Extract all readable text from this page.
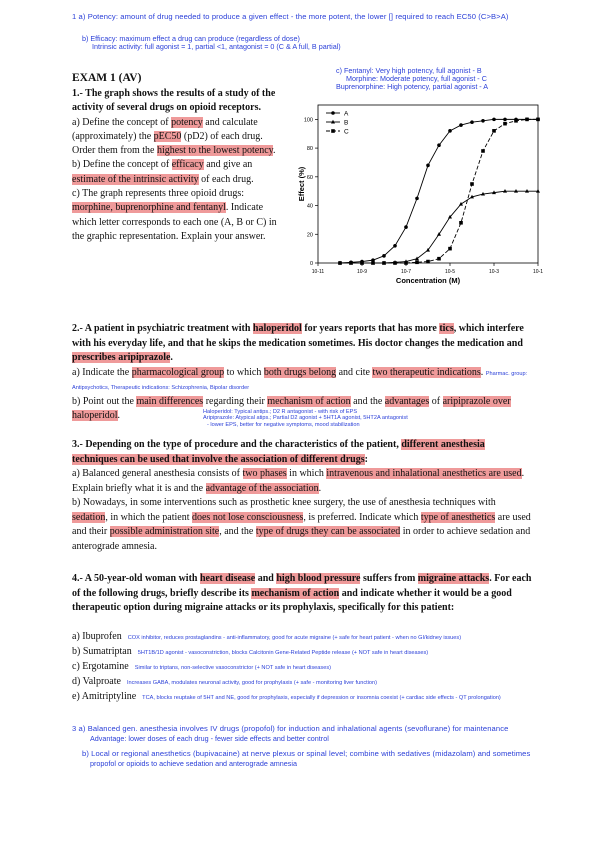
1 a) Potency: amount of drug needed to produce a given effect - the more potent, the lower [] required to reach EC50 (C>B>A)
b) Efficacy: maximum effect a drug can produce (regardless of dose)
Intrinsic activity: full agonist = 1, partial <1, antagonist = 0 (C & A full, B partial)
c) Fentanyl: Very high potency, full agonist - B
Morphine: Moderate potency, full agonist - C
Buprenorphine: High potency, partial agonist - A
EXAM 1 (AV)
1.- The graph shows the results of a study of the activity of several drugs on opioid receptors.
a) Define the concept of potency and calculate (approximately) the pEC50 (pD2) of each drug. Order them from the highest to the lowest potency.
b) Define the concept of efficacy and give an estimate of the intrinsic activity of each drug.
c) The graph represents three opioid drugs: morphine, buprenorphine and fentanyl. Indicate which letter corresponds to each one (A, B or C) in the graphic representation. Explain your answer.
0
20
40
60
80
100
10-11	10-9	10-7	10-5	10-3	10-1
Concentration (M)
Effect (%)
A
B
C
2.- A patient in psychiatric treatment with haloperidol for years reports that has more tics, which interfere with his everyday life, and that he skips the medication sometimes. His doctor changes the medication and prescribes aripiprazole.
a) Indicate the pharmacological group to which both drugs belong and cite two therapeutic indications. Pharmac. group: Antipsychotics, Therapeutic indications: Schizophrenia, Bipolar disorder
b) Point out the main differences regarding their mechanism of action and the advantages of aripiprazole over haloperidol.	Haloperidol: Typical antips.; D2 R antagonist - with risk of EPS
Aripiprazole: Atypical atips.; Partial D2 agonist + 5HT1A agonist, 5HT2A antagonist
- lower EPS, better for negative symptoms, mood stabilization
3.- Depending on the type of procedure and the characteristics of the patient, different anesthesia techniques can be used that involve the association of different drugs:
a) Balanced general anesthesia consists of two phases in which intravenous and inhalational anesthetics are used. Explain briefly what it is and the advantage of the association.
b) Nowadays, in some interventions such as prosthetic knee surgery, the use of anesthesia techniques with sedation, in which the patient does not lose consciousness, is preferred. Indicate which type of anesthetics are used and their possible administration site, and the type of drugs they can be associated in order to achieve sedation and anterograde amnesia.
4.- A 50-year-old woman with heart disease and high blood pressure suffers from migraine attacks. For each of the following drugs, briefly describe its mechanism of action and indicate whether it would be a good therapeutic option during migraine attacks or its prophylaxis, specifically for this patient:
a) Ibuprofen COX inhibitor, reduces prostaglandins - anti-inflammatory, good for acute migraine (+ safe for heart patient - when no GI/kidney issues)
b) Sumatriptan 5HT1B/1D agonist - vasoconstriction, blocks Calcitonin Gene-Related Peptide release (+ NOT safe in heart diseases)
c) Ergotamine Similar to triptans, non-selective vasoconstrictor (+ NOT safe in heart diseases)
d) Valproate Increases GABA, modulates neuronal activity, good for prophylaxis (+ safe - monitoring liver function)
e) Amitriptyline TCA, blocks reuptake of 5HT and NE, good for prophylaxis, especially if depression or insomnia coexist (+ cardiac side effects - QT prolongation)
3 a) Balanced gen. anesthesia involves IV drugs (propofol) for induction and inhalational agents (sevoflurane) for maintenance
Advantage: lower doses of each drug - fewer side effects and better control
b) Local or regional anesthetics (bupivacaine) at nerve plexus or spinal level; combine with sedatives (midazolam) and sometimes
propofol or opioids to achieve sedation and anterograde amnesia
